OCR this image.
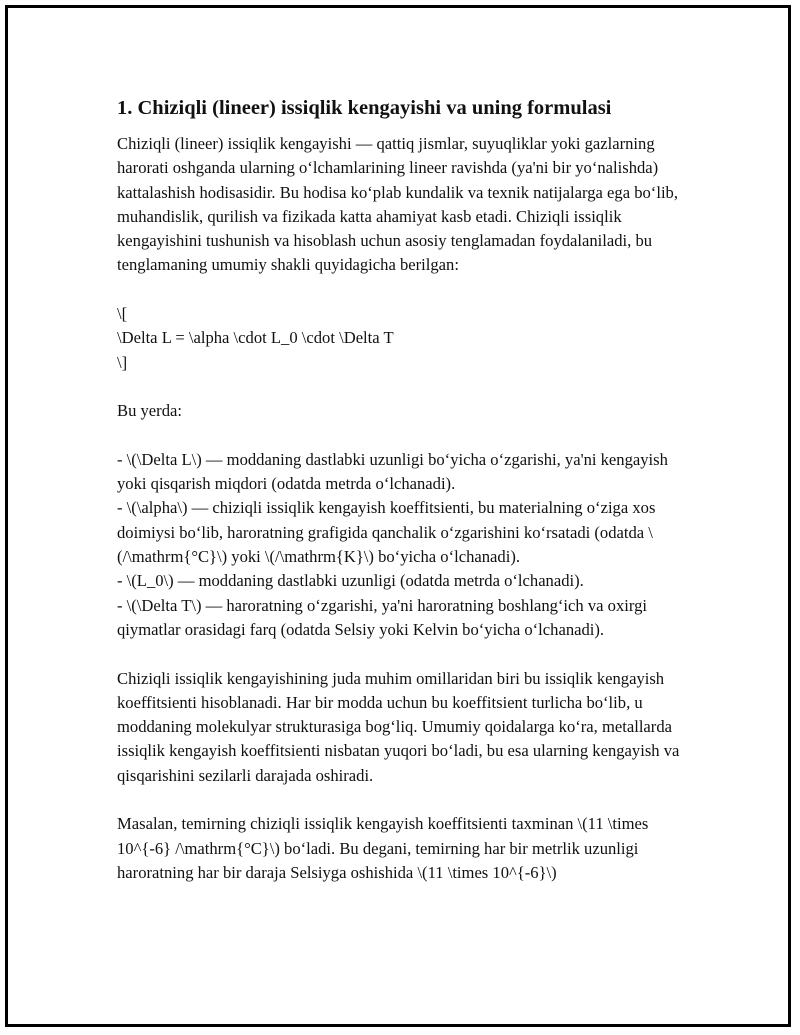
1. Chiziqli (lineer) issiqlik kengayishi va uning formulasi

Chiziqli (lineer) issiqlik kengayishi — qattiq jismlar, suyuqliklar yoki gazlarning harorati oshganda ularning oʻlchamlarining lineer ravishda (ya'ni bir yoʻnalishda) kattalashish hodisasidir. Bu hodisa koʻplab kundalik va texnik natijalarga ega boʻlib, muhandislik, qurilish va fizikada katta ahamiyat kasb etadi. Chiziqli issiqlik kengayishini tushunish va hisoblash uchun asosiy tenglamadan foydalaniladi, bu tenglamaning umumiy shakli quyidagicha berilgan:

\[
\Delta L = \alpha \cdot L_0 \cdot \Delta T
\]

Bu yerda:

- \(\Delta L\) — moddaning dastlabki uzunligi boʻyicha oʻzgarishi, ya'ni kengayish yoki qisqarish miqdori (odatda metrda oʻlchanadi).
- \(\alpha\) — chiziqli issiqlik kengayish koeffitsienti, bu materialning oʻziga xos doimiysi boʻlib, haroratning grafigida qanchalik oʻzgarishini koʻrsatadi (odatda \(/\mathrm{°C}\) yoki \(/\mathrm{K}\) boʻyicha oʻlchanadi).
- \(L_0\) — moddaning dastlabki uzunligi (odatda metrda oʻlchanadi).
- \(\Delta T\) — haroratning oʻzgarishi, ya'ni haroratning boshlangʻich va oxirgi qiymatlar orasidagi farq (odatda Selsiy yoki Kelvin boʻyicha oʻlchanadi).

Chiziqli issiqlik kengayishining juda muhim omillaridan biri bu issiqlik kengayish koeffitsienti hisoblanadi. Har bir modda uchun bu koeffitsient turlicha boʻlib, u moddaning molekulyar strukturasiga bogʻliq. Umumiy qoidalarga koʻra, metallarda issiqlik kengayish koeffitsienti nisbatan yuqori boʻladi, bu esa ularning kengayish va qisqarishini sezilarli darajada oshiradi.

Masalan, temirning chiziqli issiqlik kengayish koeffitsienti taxminan \(11 \times 10^{-6} /\mathrm{°C}\) boʻladi. Bu degani, temirning har bir metrlik uzunligi haroratning har bir daraja Selsiyga oshishida \(11 \times 10^{-6}\)
